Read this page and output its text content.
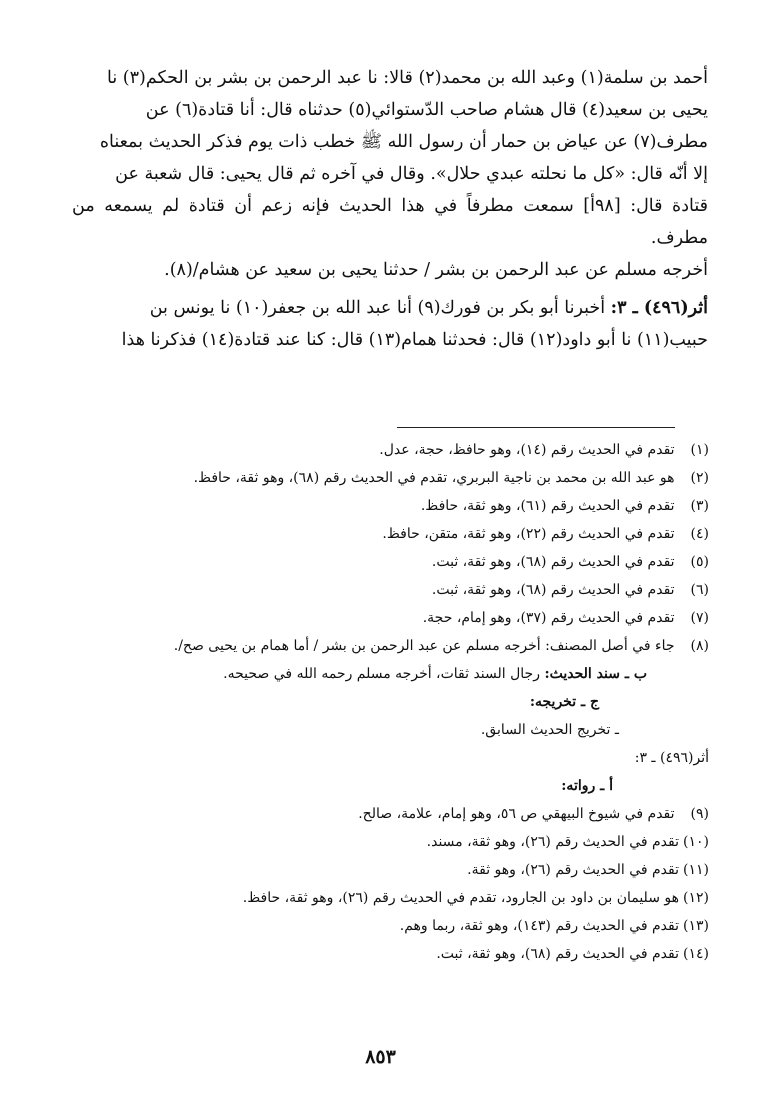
أحمد بن سلمة(١) وعبد الله بن محمد(٢) قالا: نا عبد الرحمن بن بشر بن الحكم(٣) نا

يحيى بن سعيد(٤) قال هشام صاحب الدّستوائي(٥) حدثناه قال: أنا قتادة(٦) عن

مطرف(٧) عن عياض بن حمار أن رسول الله ﷺ خطب ذات يوم فذكر الحديث بمعناه

إلا أنّه قال: «كل ما نحلته عبدي حلال». وقال في آخره ثم قال يحيى: قال شعبة عن

قتادة قال: [٩٨أ] سمعت مطرفاً في هذا الحديث فإنه زعم أن قتادة لم يسمعه من مطرف.

أخرجه مسلم عن عبد الرحمن بن بشر / حدثنا يحيى بن سعيد عن هشام/(٨).

أثر(٤٩٦) ـ ٣: أخبرنا أبو بكر بن فورك(٩) أنا عبد الله بن جعفر(١٠) نا يونس بن

حبيب(١١) نا أبو داود(١٢) قال: فحدثنا همام(١٣) قال: كنا عند قتادة(١٤) فذكرنا هذا

(١) تقدم في الحديث رقم (١٤)، وهو حافظ، حجة، عدل.
(٢) هو عبد الله بن محمد بن ناجية البربري، تقدم في الحديث رقم (٦٨)، وهو ثقة، حافظ.
(٣) تقدم في الحديث رقم (٦١)، وهو ثقة، حافظ.
(٤) تقدم في الحديث رقم (٢٢)، وهو ثقة، متقن، حافظ.
(٥) تقدم في الحديث رقم (٦٨)، وهو ثقة، ثبت.
(٦) تقدم في الحديث رقم (٦٨)، وهو ثقة، ثبت.
(٧) تقدم في الحديث رقم (٣٧)، وهو إمام، حجة.
(٨) جاء في أصل المصنف: أخرجه مسلم عن عبد الرحمن بن بشر / أما همام بن يحيى صح/.
ب ـ سند الحديث: رجال السند ثقات، أخرجه مسلم رحمه الله في صحيحه.
ج ـ تخريجه:
ـ تخريج الحديث السابق.
أثر(٤٩٦) ـ ٣:
أ ـ رواته:
(٩) تقدم في شيوخ البيهقي ص ٥٦، وهو إمام، علامة، صالح.
(١٠)تقدم في الحديث رقم (٢٦)، وهو ثقة، مسند.
(١١)تقدم في الحديث رقم (٢٦)، وهو ثقة.
(١٢)هو سليمان بن داود بن الجارود، تقدم في الحديث رقم (٢٦)، وهو ثقة، حافظ.
(١٣)تقدم في الحديث رقم (١٤٣)، وهو ثقة، ربما وهم.
(١٤)تقدم في الحديث رقم (٦٨)، وهو ثقة، ثبت.
٨٥٣
